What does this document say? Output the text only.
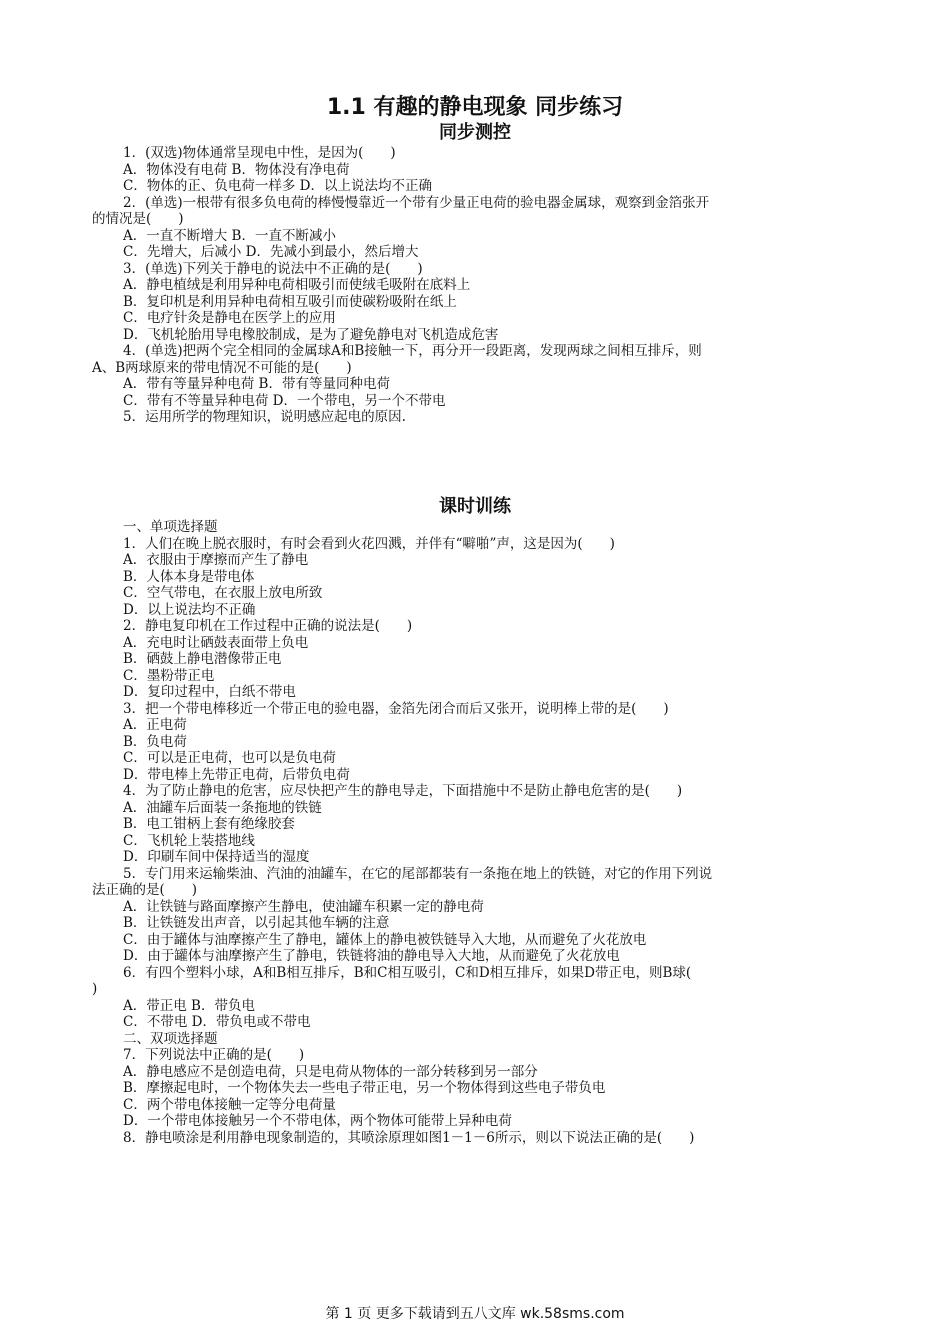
1.1 有趣的静电现象 同步练习
同步测控
1．(双选)物体通常呈现电中性，是因为(　　)
A．物体没有电荷 B．物体没有净电荷
C．物体的正、负电荷一样多 D．以上说法均不正确
2．(单选)一根带有很多负电荷的棒慢慢靠近一个带有少量正电荷的验电器金属球，观察到金箔张开
的情况是(　　)
A．一直不断增大 B．一直不断减小
C．先增大，后减小 D．先减小到最小，然后增大
3．(单选)下列关于静电的说法中不正确的是(　　)
A．静电植绒是利用异种电荷相吸引而使绒毛吸附在底料上
B．复印机是利用异种电荷相互吸引而使碳粉吸附在纸上
C．电疗针灸是静电在医学上的应用
D．飞机轮胎用导电橡胶制成，是为了避免静电对飞机造成危害
4．(单选)把两个完全相同的金属球A和B接触一下，再分开一段距离，发现两球之间相互排斥，则
A、B两球原来的带电情况不可能的是(　　)
A．带有等量异种电荷 B．带有等量同种电荷
C．带有不等量异种电荷 D．一个带电，另一个不带电
5．运用所学的物理知识，说明感应起电的原因.
课时训练
一、单项选择题
1．人们在晚上脱衣服时，有时会看到火花四溅，并伴有“噼啪”声，这是因为(　　)
A．衣服由于摩擦而产生了静电
B．人体本身是带电体
C．空气带电，在衣服上放电所致
D．以上说法均不正确
2．静电复印机在工作过程中正确的说法是(　　)
A．充电时让硒鼓表面带上负电
B．硒鼓上静电潜像带正电
C．墨粉带正电
D．复印过程中，白纸不带电
3．把一个带电棒移近一个带正电的验电器，金箔先闭合而后又张开，说明棒上带的是(　　)
A．正电荷
B．负电荷
C．可以是正电荷，也可以是负电荷
D．带电棒上先带正电荷，后带负电荷
4．为了防止静电的危害，应尽快把产生的静电导走，下面措施中不是防止静电危害的是(　　)
A．油罐车后面装一条拖地的铁链
B．电工钳柄上套有绝缘胶套
C．飞机轮上装搭地线
D．印刷车间中保持适当的湿度
5．专门用来运输柴油、汽油的油罐车，在它的尾部都装有一条拖在地上的铁链，对它的作用下列说
法正确的是(　　)
A．让铁链与路面摩擦产生静电，使油罐车积累一定的静电荷
B．让铁链发出声音，以引起其他车辆的注意
C．由于罐体与油摩擦产生了静电，罐体上的静电被铁链导入大地，从而避免了火花放电
D．由于罐体与油摩擦产生了静电，铁链将油的静电导入大地，从而避免了火花放电
6．有四个塑料小球，A和B相互排斥，B和C相互吸引，C和D相互排斥，如果D带正电，则B球(
)
A．带正电 B．带负电
C．不带电 D．带负电或不带电
二、双项选择题
7．下列说法中正确的是(　　)
A．静电感应不是创造电荷，只是电荷从物体的一部分转移到另一部分
B．摩擦起电时，一个物体失去一些电子带正电，另一个物体得到这些电子带负电
C．两个带电体接触一定等分电荷量
D．一个带电体接触另一个不带电体，两个物体可能带上异种电荷
8．静电喷涂是利用静电现象制造的，其喷涂原理如图1－1－6所示，则以下说法正确的是(　　)
第 1 页 更多下载请到五八文库 wk.58sms.com
